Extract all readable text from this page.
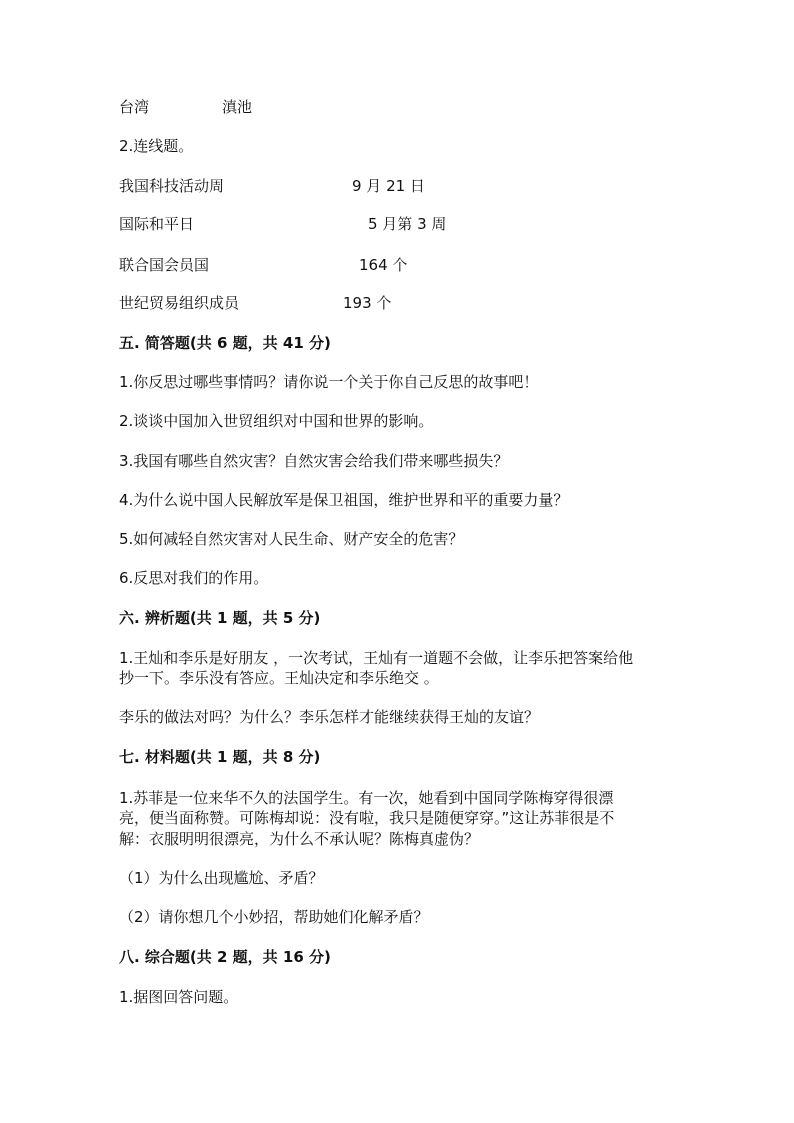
台湾	滇池
2.连线题。
我国科技活动周	9 月 21 日
国际和平日	5 月第 3 周
联合国会员国	164 个
世纪贸易组织成员	193 个
五. 简答题(共 6 题，共 41 分)
1.你反思过哪些事情吗？请你说一个关于你自己反思的故事吧！
2.谈谈中国加入世贸组织对中国和世界的影响。
3.我国有哪些自然灾害？自然灾害会给我们带来哪些损失？
4.为什么说中国人民解放军是保卫祖国，维护世界和平的重要力量？
5.如何减轻自然灾害对人民生命、财产安全的危害？
6.反思对我们的作用。
六. 辨析题(共 1 题，共 5 分)
1.王灿和李乐是好朋友 ，一次考试，王灿有一道题不会做，让李乐把答案给他
抄一下。李乐没有答应。王灿决定和李乐绝交 。
李乐的做法对吗？为什么？李乐怎样才能继续获得王灿的友谊？
七. 材料题(共 1 题，共 8 分)
1.苏菲是一位来华不久的法国学生。有一次，她看到中国同学陈梅穿得很漂
亮，便当面称赞。可陈梅却说：没有啦，我只是随便穿穿。”这让苏菲很是不
解：衣服明明很漂亮，为什么不承认呢？陈梅真虚伪？
（1）为什么出现尴尬、矛盾？
（2）请你想几个小妙招，帮助她们化解矛盾？
八. 综合题(共 2 题，共 16 分)
1.据图回答问题。
